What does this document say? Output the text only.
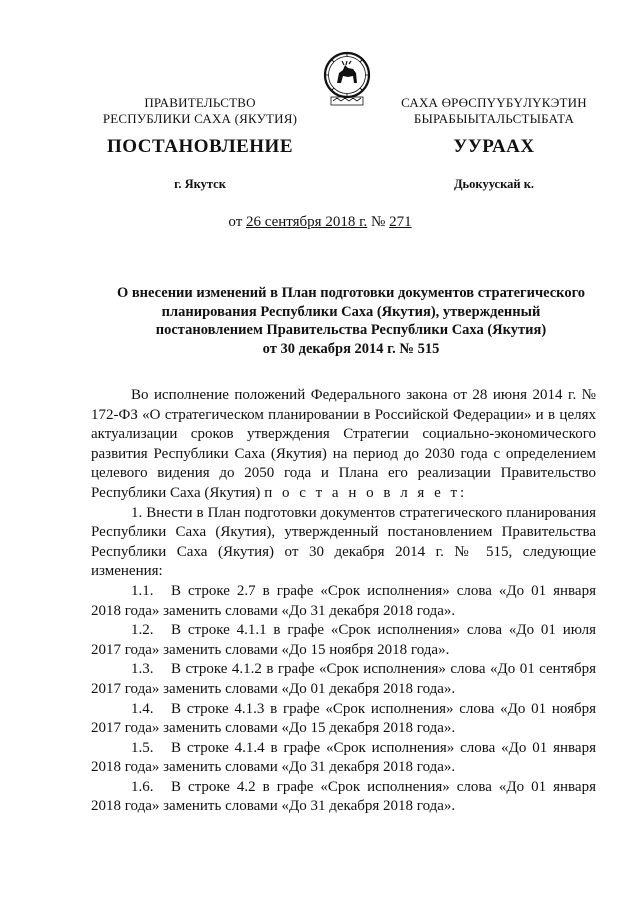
ПРАВИТЕЛЬСТВО
РЕСПУБЛИКИ САХА (ЯКУТИЯ)
САХА ӨРӨСПҮҮБҮЛҮКЭТИН
БЫРАБЫЫТАЛЬСТЫБАТА
ПОСТАНОВЛЕНИЕ	УУРААХ
г. Якутск	Дьокуускай к.
от 26 сентября 2018 г. № 271
О внесении изменений в План подготовки документов стратегического
планирования Республики Саха (Якутия), утвержденный
постановлением Правительства Республики Саха (Якутия)
от 30 декабря 2014 г. № 515

Во исполнение положений Федерального закона от 28 июня 2014 г. № 172-ФЗ «О стратегическом планировании в Российской Федерации» и в целях актуализации сроков утверждения Стратегии социально-экономического развития Республики Саха (Якутия) на период до 2030 года с определением целевого видения до 2050 года и Плана его реализации Правительство Республики Саха (Якутия) п о с т а н о в л я е т:

1. Внести в План подготовки документов стратегического планирования Республики Саха (Якутия), утвержденный постановлением Правительства Республики Саха (Якутия) от 30 декабря 2014 г. № 515, следующие изменения:

1.1. В строке 2.7 в графе «Срок исполнения» слова «До 01 января 2018 года» заменить словами «До 31 декабря 2018 года».

1.2. В строке 4.1.1 в графе «Срок исполнения» слова «До 01 июля 2017 года» заменить словами «До 15 ноября 2018 года».

1.3. В строке 4.1.2 в графе «Срок исполнения» слова «До 01 сентября 2017 года» заменить словами «До 01 декабря 2018 года».

1.4. В строке 4.1.3 в графе «Срок исполнения» слова «До 01 ноября 2017 года» заменить словами «До 15 декабря 2018 года».

1.5. В строке 4.1.4 в графе «Срок исполнения» слова «До 01 января 2018 года» заменить словами «До 31 декабря 2018 года».

1.6. В строке 4.2 в графе «Срок исполнения» слова «До 01 января 2018 года» заменить словами «До 31 декабря 2018 года».
